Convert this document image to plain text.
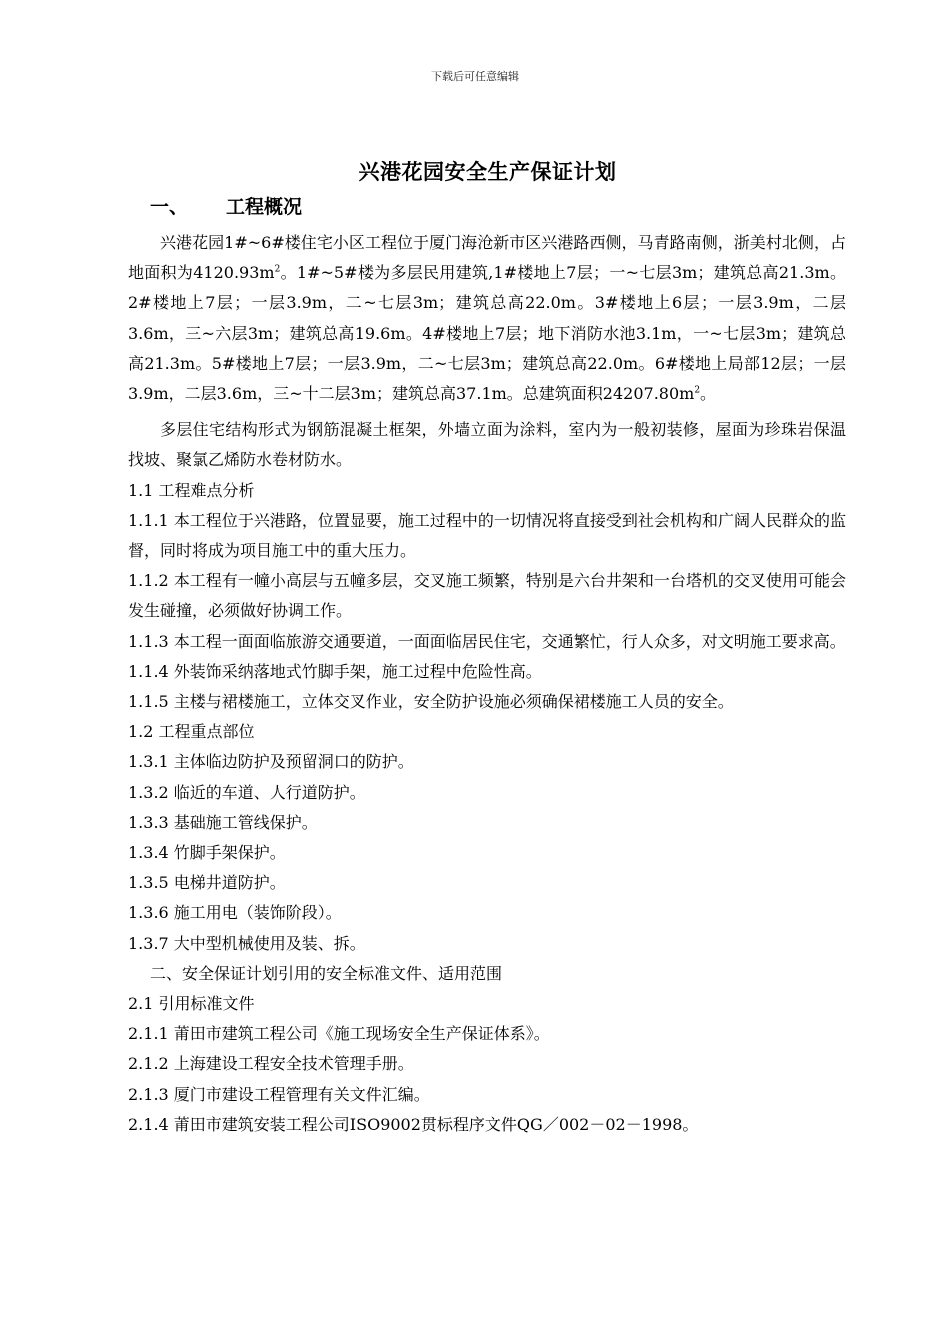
下载后可任意编辑
兴港花园安全生产保证计划
一、 工程概况

兴港花园1#~6#楼住宅小区工程位于厦门海沧新市区兴港路西侧，马青路南侧，浙美村北侧，占地面积为$4120.93m^2$。1#~5#楼为多层民用建筑,1#楼地上7层；一~七层3m；建筑总高21.3m。2#楼地上7层；一层3.9m，二~七层3m；建筑总高22.0m。3#楼地上6层；一层3.9m，二层3.6m，三~六层3m；建筑总高19.6m。4#楼地上7层；地下消防水池3.1m，一~七层3m；建筑总高21.3m。5#楼地上7层；一层3.9m，二~七层3m；建筑总高22.0m。6#楼地上局部12层；一层3.9m，二层3.6m，三~十二层3m；建筑总高37.1m。总建筑面积$24207.80m^2$。

多层住宅结构形式为钢筋混凝土框架，外墙立面为涂料，室内为一般初装修，屋面为珍珠岩保温找坡、聚氯乙烯防水卷材防水。

1.1 工程难点分析

1.1.1 本工程位于兴港路，位置显要，施工过程中的一切情况将直接受到社会机构和广阔人民群众的监督，同时将成为项目施工中的重大压力。

1.1.2 本工程有一幢小高层与五幢多层，交叉施工频繁，特别是六台井架和一台塔机的交叉使用可能会发生碰撞，必须做好协调工作。

1.1.3 本工程一面面临旅游交通要道，一面面临居民住宅，交通繁忙，行人众多，对文明施工要求高。

1.1.4 外装饰采纳落地式竹脚手架，施工过程中危险性高。

1.1.5 主楼与裙楼施工，立体交叉作业，安全防护设施必须确保裙楼施工人员的安全。

1.2 工程重点部位

1.3.1 主体临边防护及预留洞口的防护。

1.3.2 临近的车道、人行道防护。

1.3.3 基础施工管线保护。

1.3.4 竹脚手架保护。

1.3.5 电梯井道防护。

1.3.6 施工用电（装饰阶段）。

1.3.7 大中型机械使用及装、拆。

二、安全保证计划引用的安全标准文件、适用范围

2.1 引用标准文件

2.1.1 莆田市建筑工程公司《施工现场安全生产保证体系》。

2.1.2 上海建设工程安全技术管理手册。

2.1.3 厦门市建设工程管理有关文件汇编。

2.1.4 莆田市建筑安装工程公司ISO9002贯标程序文件QG／002－02－1998。
